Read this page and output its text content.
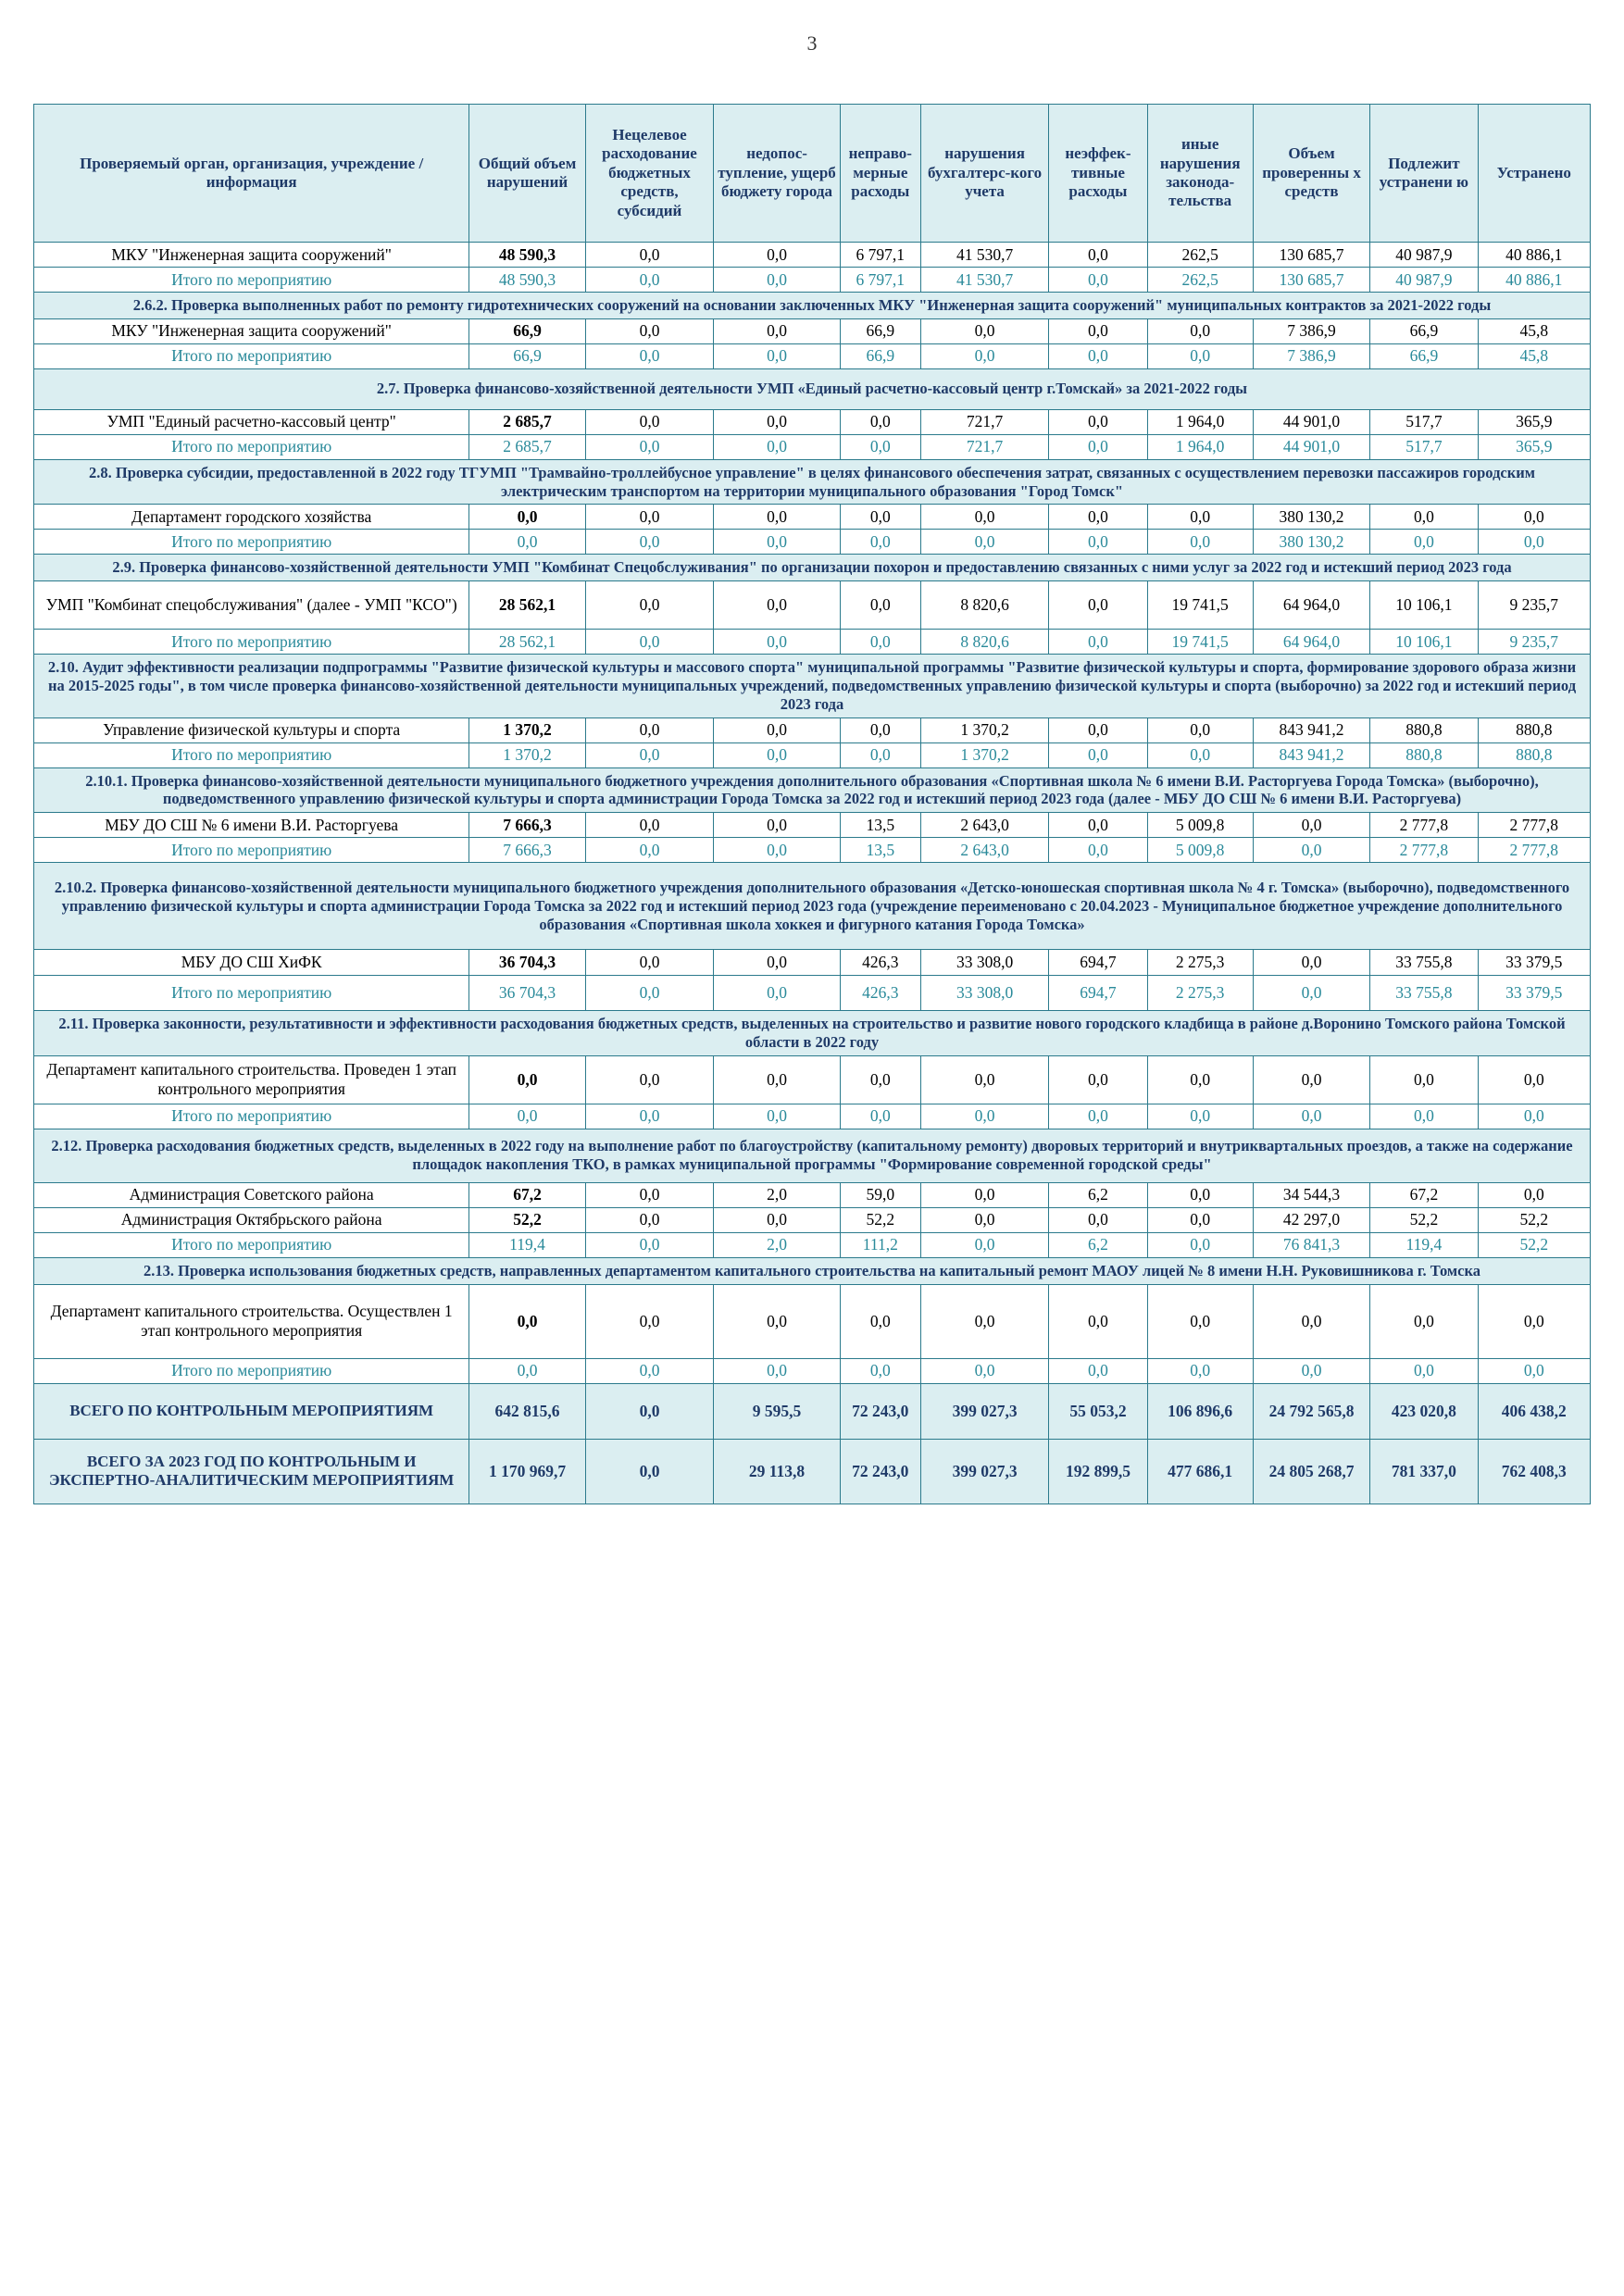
3
Проверяемый орган, организация, учреждение /информация	Общий объем нарушений	Нецелевое расходование бюджетных средств, субсидий	недопос-тупление, ущерб бюджету города	неправо-мерные расходы	нарушения бухгалтерс-кого учета	неэффек-тивные расходы	иные нарушения законода-тельства	Объем проверенны х средств	Подлежит устранени ю	Устранено
МКУ "Инженерная защита сооружений"	48 590,3	0,0	0,0	6 797,1	41 530,7	0,0	262,5	130 685,7	40 987,9	40 886,1
Итого по мероприятию	48 590,3	0,0	0,0	6 797,1	41 530,7	0,0	262,5	130 685,7	40 987,9	40 886,1
2.6.2. Проверка выполненных работ по ремонту гидротехнических сооружений на основании заключенных МКУ "Инженерная защита сооружений" муниципальных контрактов за 2021-2022 годы										
МКУ "Инженерная защита сооружений"	66,9	0,0	0,0	66,9	0,0	0,0	0,0	7 386,9	66,9	45,8
Итого по мероприятию	66,9	0,0	0,0	66,9	0,0	0,0	0,0	7 386,9	66,9	45,8
2.7. Проверка финансово-хозяйственной деятельности УМП «Единый расчетно-кассовый центр г.Томскай» за 2021-2022 годы										
УМП "Единый расчетно-кассовый центр"	2 685,7	0,0	0,0	0,0	721,7	0,0	1 964,0	44 901,0	517,7	365,9
Итого по мероприятию	2 685,7	0,0	0,0	0,0	721,7	0,0	1 964,0	44 901,0	517,7	365,9
2.8. Проверка субсидии, предоставленной в 2022 году ТГУМП "Трамвайно-троллейбусное управление" в целях финансового обеспечения затрат, связанных с осуществлением перевозки пассажиров городским электрическим транспортом на территории муниципального образования "Город Томск"										
Департамент городского хозяйства	0,0	0,0	0,0	0,0	0,0	0,0	0,0	380 130,2	0,0	0,0
Итого по мероприятию	0,0	0,0	0,0	0,0	0,0	0,0	0,0	380 130,2	0,0	0,0
2.9. Проверка финансово-хозяйственной деятельности УМП "Комбинат Спецобслуживания" по организации похорон и предоставлению связанных с ними услуг за 2022 год и истекший период 2023 года										
УМП "Комбинат спецобслуживания" (далее - УМП "КСО")	28 562,1	0,0	0,0	0,0	8 820,6	0,0	19 741,5	64 964,0	10 106,1	9 235,7
Итого по мероприятию	28 562,1	0,0	0,0	0,0	8 820,6	0,0	19 741,5	64 964,0	10 106,1	9 235,7
2.10. Аудит эффективности реализации подпрограммы "Развитие физической культуры и массового спорта" муниципальной программы "Развитие физической культуры и спорта, формирование здорового образа жизни на 2015-2025 годы", в том числе проверка финансово-хозяйственной деятельности муниципальных учреждений, подведомственных управлению физической культуры и спорта (выборочно) за 2022 год и истекший период 2023 года										
Управление физической культуры и спорта	1 370,2	0,0	0,0	0,0	1 370,2	0,0	0,0	843 941,2	880,8	880,8
Итого по мероприятию	1 370,2	0,0	0,0	0,0	1 370,2	0,0	0,0	843 941,2	880,8	880,8
2.10.1. Проверка финансово-хозяйственной деятельности муниципального бюджетного учреждения дополнительного образования «Спортивная школа № 6 имени В.И. Расторгуева Города Томска» (выборочно), подведомственного управлению физической культуры и спорта администрации Города Томска за 2022 год и истекший период 2023 года (далее - МБУ ДО СШ № 6 имени В.И. Расторгуева)										
МБУ ДО СШ № 6 имени В.И. Расторгуева	7 666,3	0,0	0,0	13,5	2 643,0	0,0	5 009,8	0,0	2 777,8	2 777,8
Итого по мероприятию	7 666,3	0,0	0,0	13,5	2 643,0	0,0	5 009,8	0,0	2 777,8	2 777,8
2.10.2. Проверка финансово-хозяйственной деятельности муниципального бюджетного учреждения дополнительного образования «Детско-юношеская спортивная школа № 4 г. Томска» (выборочно), подведомственного управлению физической культуры и спорта администрации Города Томска за 2022 год и истекший период 2023 года (учреждение переименовано с 20.04.2023 - Муниципальное бюджетное учреждение дополнительного образования «Спортивная школа хоккея и фигурного катания Города Томска»										
МБУ ДО СШ ХиФК	36 704,3	0,0	0,0	426,3	33 308,0	694,7	2 275,3	0,0	33 755,8	33 379,5
Итого по мероприятию	36 704,3	0,0	0,0	426,3	33 308,0	694,7	2 275,3	0,0	33 755,8	33 379,5
2.11. Проверка законности, результативности и эффективности расходования бюджетных средств, выделенных на строительство и развитие нового городского кладбища в районе д.Воронино Томского района Томской области в 2022 году										
Департамент капитального строительства. Проведен 1 этап контрольного мероприятия	0,0	0,0	0,0	0,0	0,0	0,0	0,0	0,0	0,0	0,0
Итого по мероприятию	0,0	0,0	0,0	0,0	0,0	0,0	0,0	0,0	0,0	0,0
2.12. Проверка расходования бюджетных средств, выделенных в 2022 году на выполнение работ по благоустройству (капитальному ремонту) дворовых территорий и внутриквартальных проездов, а также на содержание площадок накопления ТКО, в рамках муниципальной программы "Формирование современной городской среды"										
Администрация Советского района	67,2	0,0	2,0	59,0	0,0	6,2	0,0	34 544,3	67,2	0,0
Администрация Октябрьского района	52,2	0,0	0,0	52,2	0,0	0,0	0,0	42 297,0	52,2	52,2
Итого по мероприятию	119,4	0,0	2,0	111,2	0,0	6,2	0,0	76 841,3	119,4	52,2
2.13. Проверка использования бюджетных средств, направленных департаментом капитального строительства на капитальный ремонт МАОУ лицей № 8 имени Н.Н. Руковишникова г. Томска										
Департамент капитального строительства. Осуществлен 1 этап контрольного мероприятия	0,0	0,0	0,0	0,0	0,0	0,0	0,0	0,0	0,0	0,0
Итого по мероприятию	0,0	0,0	0,0	0,0	0,0	0,0	0,0	0,0	0,0	0,0
ВСЕГО ПО КОНТРОЛЬНЫМ МЕРОПРИЯТИЯМ	642 815,6	0,0	9 595,5	72 243,0	399 027,3	55 053,2	106 896,6	24 792 565,8	423 020,8	406 438,2
ВСЕГО ЗА 2023 ГОД ПО КОНТРОЛЬНЫМ И ЭКСПЕРТНО-АНАЛИТИЧЕСКИМ МЕРОПРИЯТИЯМ	1 170 969,7	0,0	29 113,8	72 243,0	399 027,3	192 899,5	477 686,1	24 805 268,7	781 337,0	762 408,3
